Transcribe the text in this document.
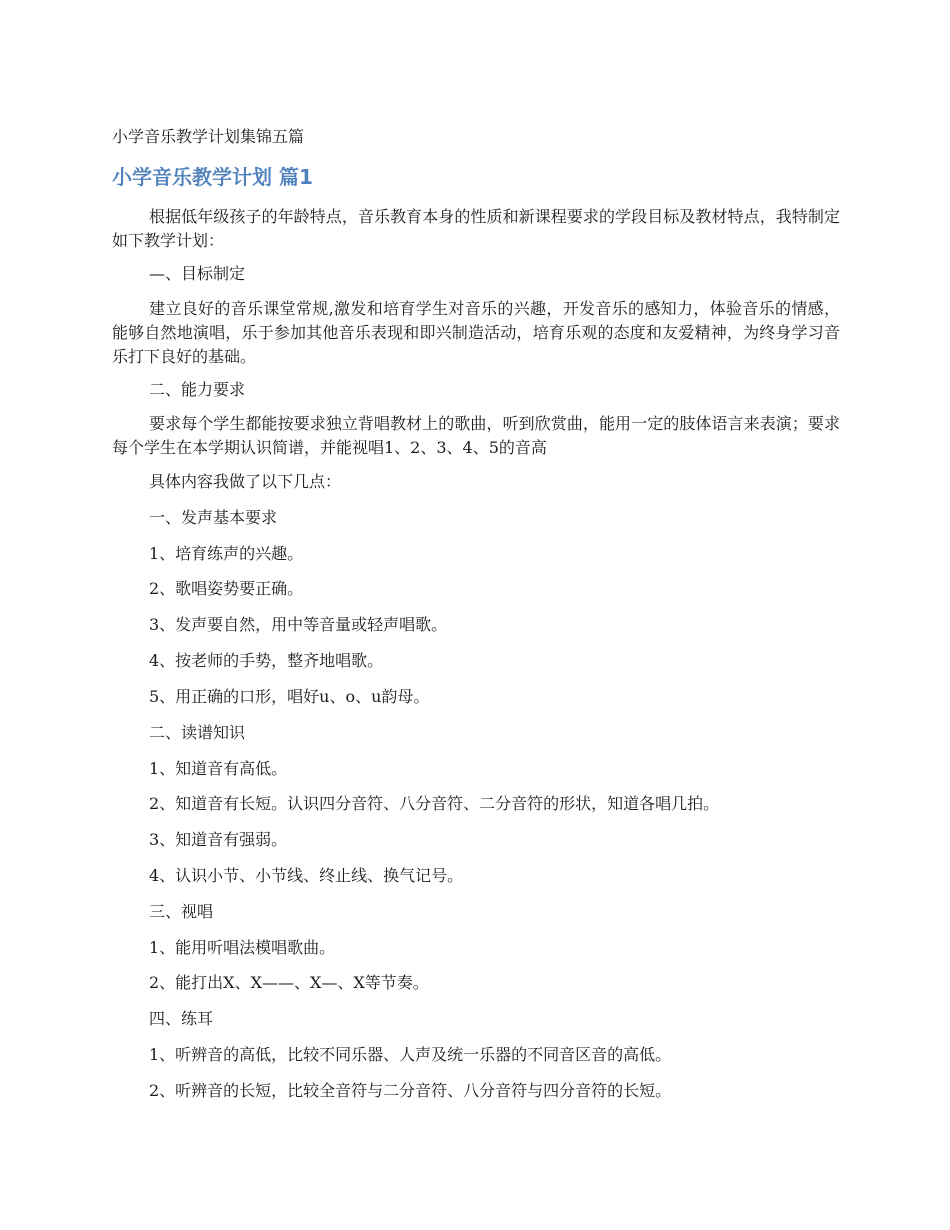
小学音乐教学计划集锦五篇
小学音乐教学计划 篇1
根据低年级孩子的年龄特点，音乐教育本身的性质和新课程要求的学段目标及教材特点，我特制定如下教学计划：
—、目标制定
建立良好的音乐课堂常规,激发和培育学生对音乐的兴趣，开发音乐的感知力，体验音乐的情感，能够自然地演唱，乐于参加其他音乐表现和即兴制造活动，培育乐观的态度和友爱精神，为终身学习音乐打下良好的基础。
二、能力要求
要求每个学生都能按要求独立背唱教材上的歌曲，听到欣赏曲，能用一定的肢体语言来表演；要求每个学生在本学期认识简谱，并能视唱1、2、3、4、5的音高
具体内容我做了以下几点：
一、发声基本要求
1、培育练声的兴趣。
2、歌唱姿势要正确。
3、发声要自然，用中等音量或轻声唱歌。
4、按老师的手势，整齐地唱歌。
5、用正确的口形，唱好u、o、u韵母。
二、读谱知识
1、知道音有高低。
2、知道音有长短。认识四分音符、八分音符、二分音符的形状，知道各唱几拍。
3、知道音有强弱。
4、认识小节、小节线、终止线、换气记号。
三、视唱
1、能用听唱法模唱歌曲。
2、能打出X、X——、X—、X等节奏。
四、练耳
1、听辨音的高低，比较不同乐器、人声及统一乐器的不同音区音的高低。
2、听辨音的长短，比较全音符与二分音符、八分音符与四分音符的长短。
